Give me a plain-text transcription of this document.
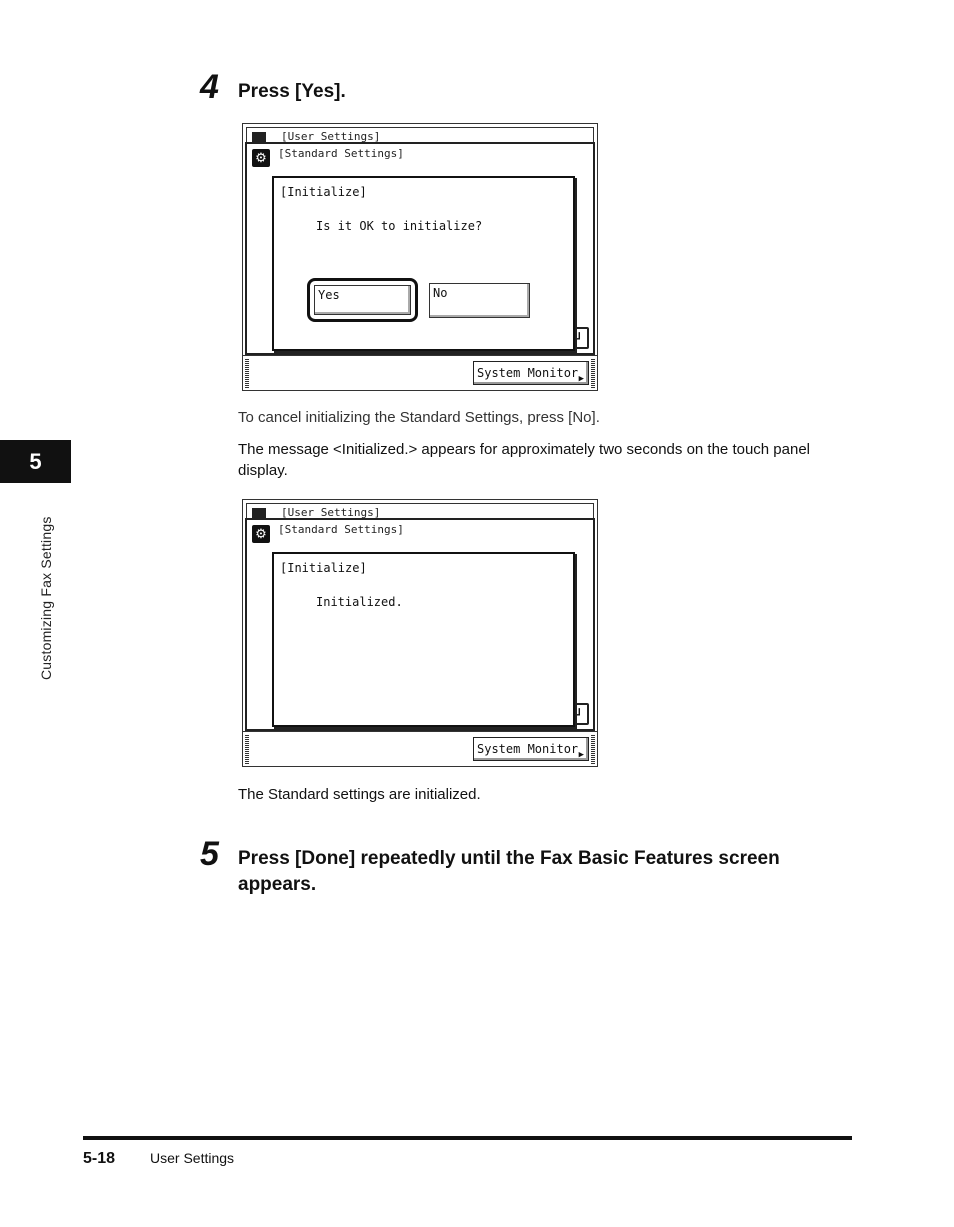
5
Customizing Fax Settings
4 Press [Yes].
[User Settings]
⚙ [Standard Settings]
↲
[Initialize]
Is it OK to initialize?
Yes	No
System Monitor ▶
To cancel initializing the Standard Settings, press [No].
The message <Initialized.> appears for approximately two seconds on the touch panel display.
[User Settings]
⚙ [Standard Settings]
↲
[Initialize]
Initialized.
System Monitor ▶
The Standard settings are initialized.
5 Press [Done] repeatedly until the Fax Basic Features screen appears.
5-18 User Settings
